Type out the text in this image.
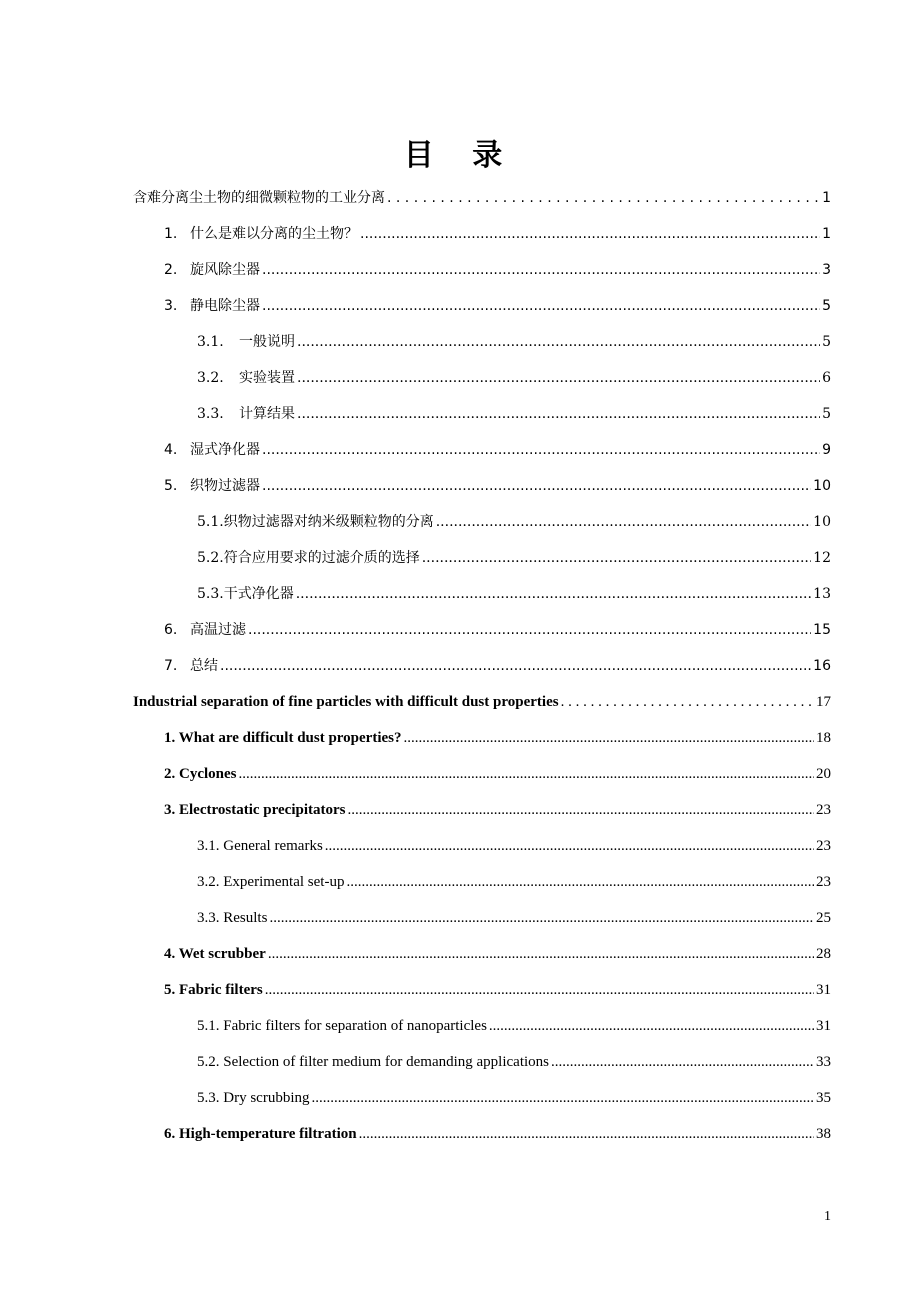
目 录
含难分离尘土物的细微颗粒物的工业分离 . . .	1
1. 什么是难以分离的尘土物？ .....	1
2. 旋风除尘器 .....	3
3. 静电除尘器 .....	5
3.1.	一般说明 .....	5
3.2.	实验装置 .....	6
3.3.	计算结果 .....	5
4. 湿式净化器 .....	9
5. 织物过滤器 .....	10
5.1.织物过滤器对纳米级颗粒物的分离 .....	10
5.2.符合应用要求的过滤介质的选择 .....	12
5.3.干式净化器 .....	13
6. 高温过滤 .....	15
7. 总结 .....	16
Industrial separation of fine particles with difficult dust properties . . .	17
1. What are difficult dust properties? .....	18
2. Cyclones .....	20
3. Electrostatic precipitators .....	23
3.1. General remarks .....	23
3.2. Experimental set-up .....	23
3.3. Results .....	25
4. Wet scrubber .....	28
5. Fabric filters .....	31
5.1. Fabric filters for separation of nanoparticles .....	31
5.2. Selection of filter medium for demanding applications .....	33
5.3. Dry scrubbing .....	35
6. High-temperature filtration .....	38
1
